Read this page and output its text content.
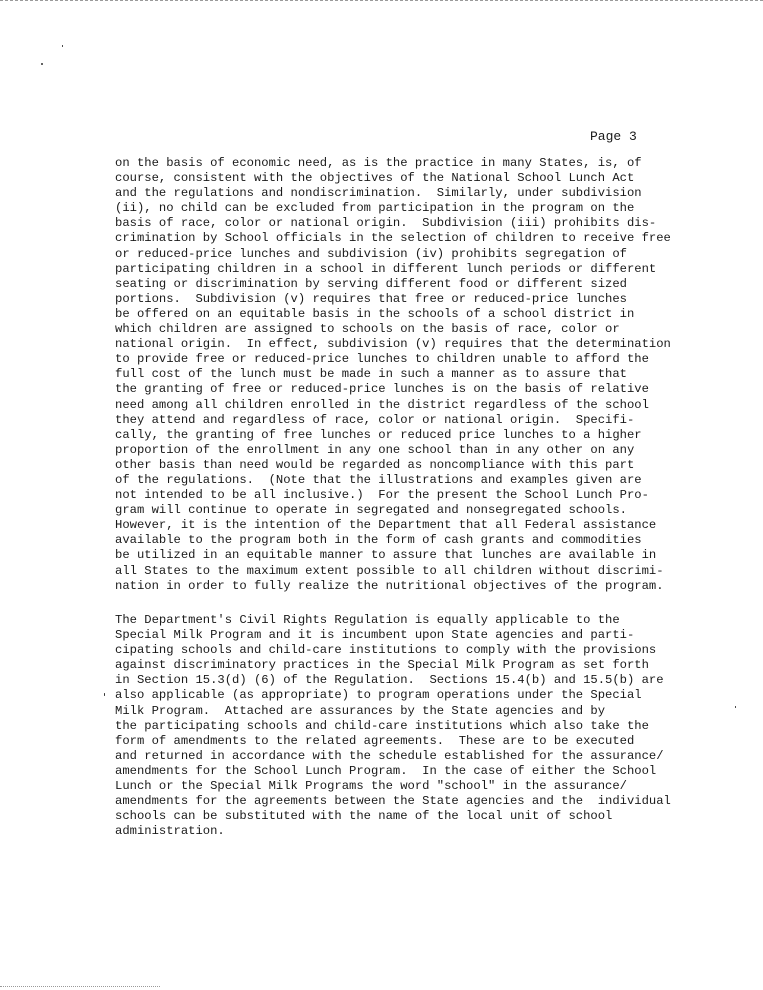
Page 3
on the basis of economic need, as is the practice in many States, is, of
course, consistent with the objectives of the National School Lunch Act
and the regulations and nondiscrimination.  Similarly, under subdivision
(ii), no child can be excluded from participation in the program on the
basis of race, color or national origin.  Subdivision (iii) prohibits dis-
crimination by School officials in the selection of children to receive free
or reduced-price lunches and subdivision (iv) prohibits segregation of
participating children in a school in different lunch periods or different
seating or discrimination by serving different food or different sized
portions.  Subdivision (v) requires that free or reduced-price lunches
be offered on an equitable basis in the schools of a school district in
which children are assigned to schools on the basis of race, color or
national origin.  In effect, subdivision (v) requires that the determination
to provide free or reduced-price lunches to children unable to afford the
full cost of the lunch must be made in such a manner as to assure that
the granting of free or reduced-price lunches is on the basis of relative
need among all children enrolled in the district regardless of the school
they attend and regardless of race, color or national origin.  Specifi-
cally, the granting of free lunches or reduced price lunches to a higher
proportion of the enrollment in any one school than in any other on any
other basis than need would be regarded as noncompliance with this part
of the regulations.  (Note that the illustrations and examples given are
not intended to be all inclusive.)  For the present the School Lunch Pro-
gram will continue to operate in segregated and nonsegregated schools.
However, it is the intention of the Department that all Federal assistance
available to the program both in the form of cash grants and commodities
be utilized in an equitable manner to assure that lunches are available in
all States to the maximum extent possible to all children without discrimi-
nation in order to fully realize the nutritional objectives of the program.
The Department's Civil Rights Regulation is equally applicable to the
Special Milk Program and it is incumbent upon State agencies and parti-
cipating schools and child-care institutions to comply with the provisions
against discriminatory practices in the Special Milk Program as set forth
in Section 15.3(d) (6) of the Regulation.  Sections 15.4(b) and 15.5(b) are
also applicable (as appropriate) to program operations under the Special
Milk Program.  Attached are assurances by the State agencies and by
the participating schools and child-care institutions which also take the
form of amendments to the related agreements.  These are to be executed
and returned in accordance with the schedule established for the assurance/
amendments for the School Lunch Program.  In the case of either the School
Lunch or the Special Milk Programs the word "school" in the assurance/
amendments for the agreements between the State agencies and the  individual
schools can be substituted with the name of the local unit of school
administration.
